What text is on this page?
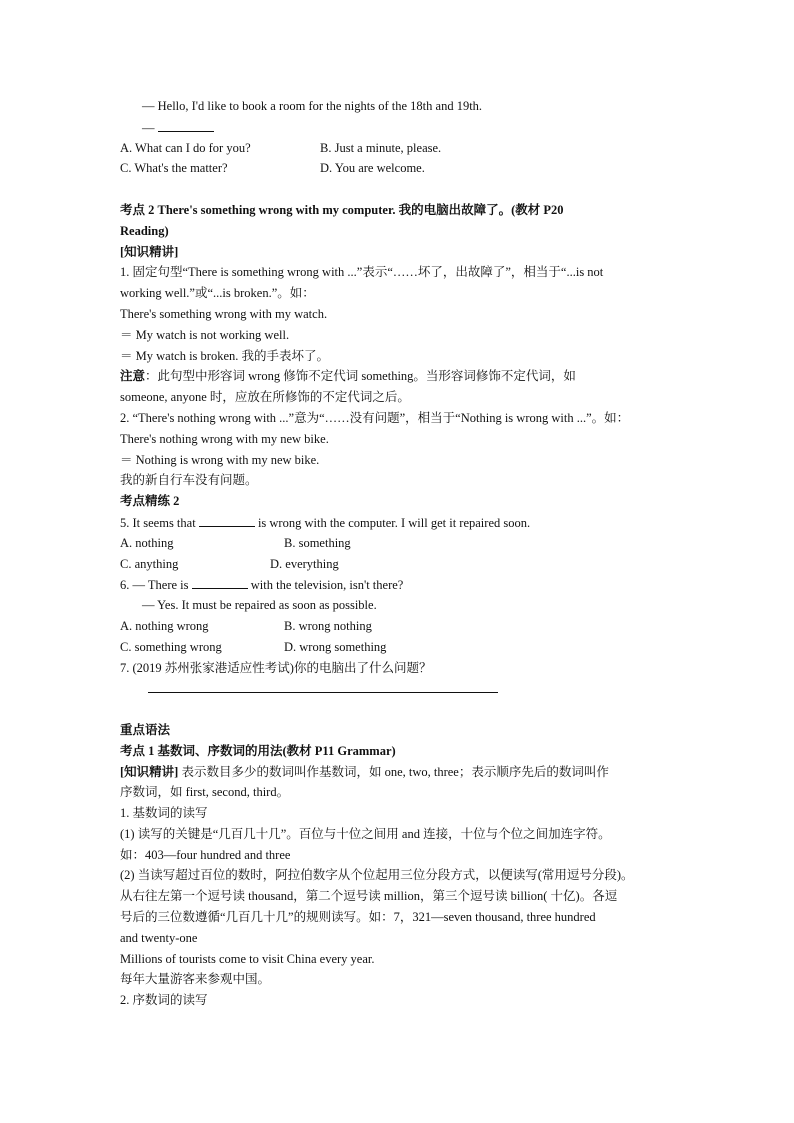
— Hello, I'd like to book a room for the nights of the 18th and 19th.
—
A. What can I do for you?	B. Just a minute, please.
C. What's the matter?	D. You are welcome.
考点 2 There's something wrong with my computer. 我的电脑出故障了。(教材 P20
Reading)
[知识精讲]
1. 固定句型“There is something wrong with ...”表示“……坏了，出故障了”，相当于“...is not
working well.”或“...is broken.”。如：
There's something wrong with my watch.
＝ My watch is not working well.
＝ My watch is broken. 我的手表坏了。
注意：此句型中形容词 wrong 修饰不定代词 something。当形容词修饰不定代词，如
someone, anyone 时，应放在所修饰的不定代词之后。
2. “There's nothing wrong with ...”意为“……没有问题”，相当于“Nothing is wrong with ...”。如：
There's nothing wrong with my new bike.
＝ Nothing is wrong with my new bike.
我的新自行车没有问题。
考点精练 2
5. It seems that	is wrong with the computer. I will get it repaired soon.
A. nothing	B. something
C. anything	D. everything
6. — There is	with the television, isn't there?
— Yes. It must be repaired as soon as possible.
A. nothing wrong	B. wrong nothing
C. something wrong	D. wrong something
7. (2019 苏州张家港适应性考试)你的电脑出了什么问题？
重点语法
考点 1 基数词、序数词的用法(教材 P11 Grammar)
[知识精讲] 表示数目多少的数词叫作基数词，如 one, two, three；表示顺序先后的数词叫作
序数词，如 first, second, third。
1. 基数词的读写
(1) 读写的关键是“几百几十几”。百位与十位之间用 and 连接，十位与个位之间加连字符。
如：403—four hundred and three
(2) 当读写超过百位的数时，阿拉伯数字从个位起用三位分段方式，以便读写(常用逗号分段)。
从右往左第一个逗号读 thousand，第二个逗号读 million，第三个逗号读 billion( 十亿)。各逗
号后的三位数遵循“几百几十几”的规则读写。如：7，321—seven thousand, three hundred
and twenty-one
Millions of tourists come to visit China every year.
每年大量游客来参观中国。
2. 序数词的读写
